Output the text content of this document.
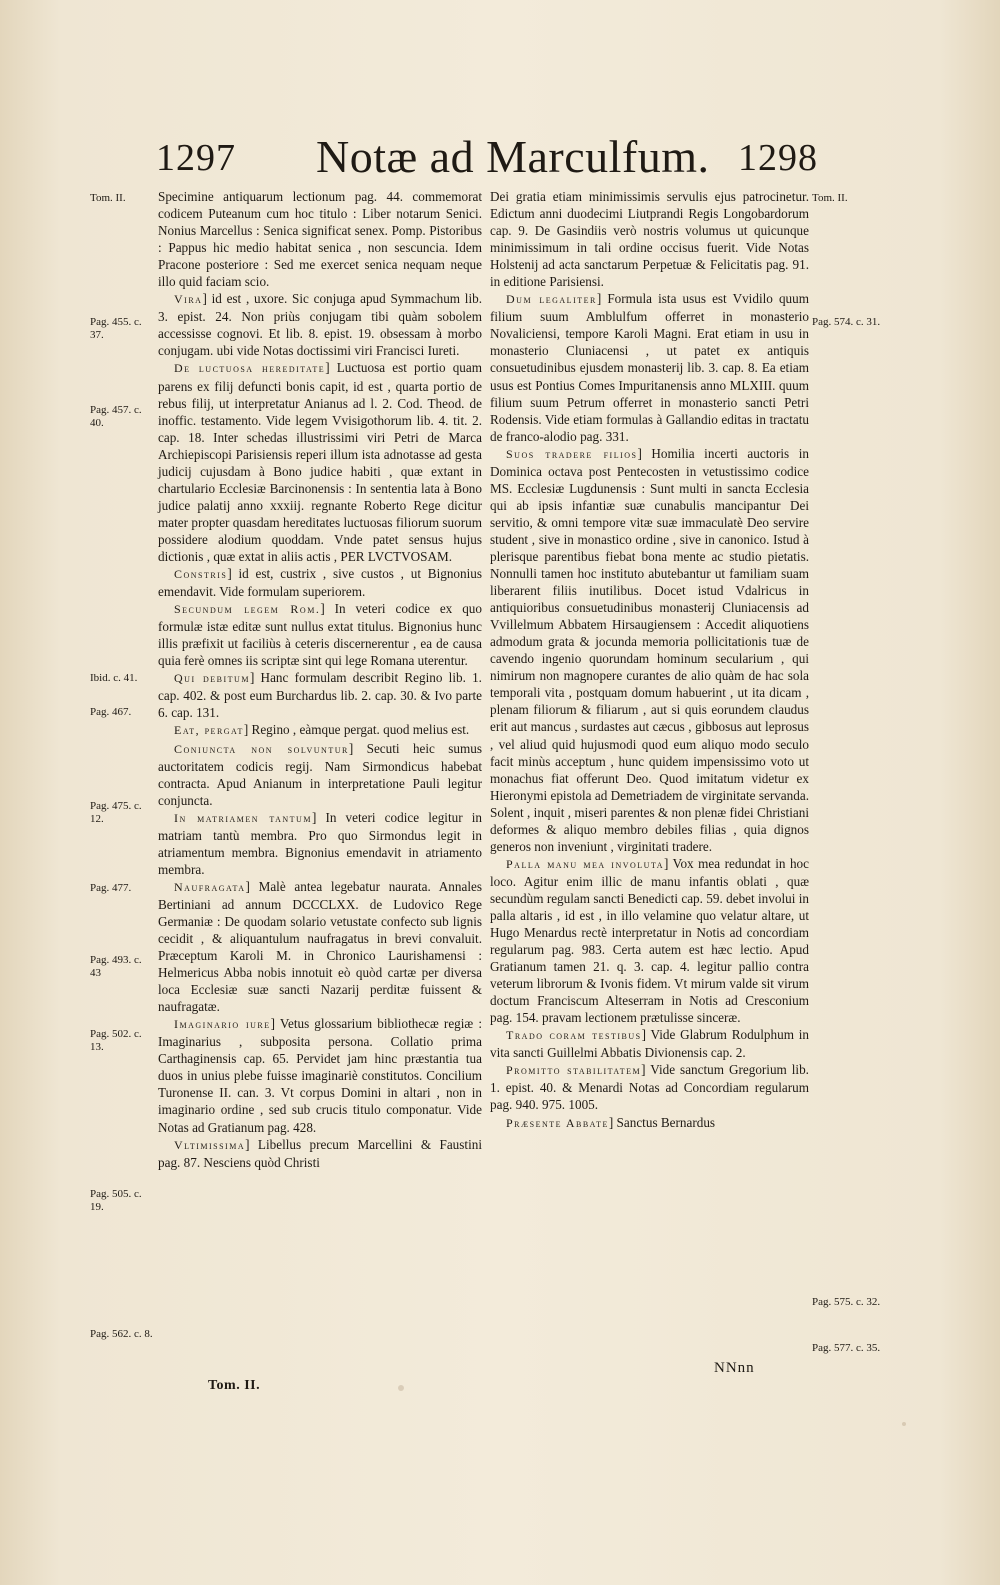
1297 Notæ ad Marculfum. 1298
Tom. II.
Pag. 455. c. 37.
Pag. 457. c. 40.
Ibid. c. 41.
Pag. 467.
Pag. 475. c. 12.
Pag. 477.
Pag. 493. c. 43
Pag. 502. c. 13.
Pag. 505. c. 19.
Pag. 562. c. 8.
Tom. II.
Pag. 574. c. 31.
Pag. 575. c. 32.
Pag. 577. c. 35.

Specimine antiquarum lectionum pag. 44. commemorat codicem Puteanum cum hoc titulo : Liber notarum Senici. Nonius Marcellus : Senica significat senex. Pomp. Pistoribus : Pappus hic medio habitat senica , non sescuncia. Idem Pracone posteriore : Sed me exercet senica nequam neque illo quid faciam scio.

Vira] id est , uxore. Sic conjuga apud Symmachum lib. 3. epist. 24. Non priùs conjugam tibi quàm sobolem accessisse cognovi. Et lib. 8. epist. 19. obsessam à morbo conjugam. ubi vide Notas doctissimi viri Francisci Iureti.

De luctuosa hereditate] Luctuosa est portio quam parens ex filij defuncti bonis capit, id est , quarta portio de rebus filij, ut interpretatur Anianus ad l. 2. Cod. Theod. de inoffic. testamento. Vide legem Vvisigothorum lib. 4. tit. 2. cap. 18. Inter schedas illustrissimi viri Petri de Marca Archiepiscopi Parisiensis reperi illum ista adnotasse ad gesta judicij cujusdam à Bono judice habiti , quæ extant in chartulario Ecclesiæ Barcinonensis : In sententia lata à Bono judice palatij anno xxxiij. regnante Roberto Rege dicitur mater propter quasdam hereditates luctuosas filiorum suorum possidere alodium quoddam. Vnde patet sensus hujus dictionis , quæ extat in aliis actis , PER LVCTVOSAM.

Constris] id est, custrix , sive custos , ut Bignonius emendavit. Vide formulam superiorem.

Secundum legem Rom.] In veteri codice ex quo formulæ istæ editæ sunt nullus extat titulus. Bignonius hunc illis præfixit ut faciliùs à ceteris discernerentur , ea de causa quia ferè omnes iis scriptæ sint qui lege Romana uterentur.

Qui debitum] Hanc formulam describit Regino lib. 1. cap. 402. & post eum Burchardus lib. 2. cap. 30. & Ivo parte 6. cap. 131.

Eat, pergat] Regino , eàmque pergat. quod melius est.

Coniuncta non solvuntur] Secuti heic sumus auctoritatem codicis regij. Nam Sirmondicus habebat contracta. Apud Anianum in interpretatione Pauli legitur conjuncta.

In matriamen tantum] In veteri codice legitur in matriam tantù membra. Pro quo Sirmondus legit in atriamentum membra. Bignonius emendavit in atriamento membra.

Naufragata] Malè antea legebatur naurata. Annales Bertiniani ad annum DCCCLXX. de Ludovico Rege Germaniæ : De quodam solario vetustate confecto sub lignis cecidit , & aliquantulum naufragatus in brevi convaluit. Præceptum Karoli M. in Chronico Laurishamensi : Helmericus Abba nobis innotuit eò quòd cartæ per diversa loca Ecclesiæ suæ sancti Nazarij perditæ fuissent & naufragatæ.

Imaginario iure] Vetus glossarium bibliothecæ regiæ : Imaginarius , subposita persona. Collatio prima Carthaginensis cap. 65. Pervidet jam hinc præstantia tua duos in unius plebe fuisse imaginariè constitutos. Concilium Turonense II. can. 3. Vt corpus Domini in altari , non in imaginario ordine , sed sub crucis titulo componatur. Vide Notas ad Gratianum pag. 428.

Vltimissima] Libellus precum Marcellini & Faustini pag. 87. Nesciens quòd Christi

Dei gratia etiam minimissimis servulis ejus patrocinetur. Edictum anni duodecimi Liutprandi Regis Longobardorum cap. 9. De Gasindiis verò nostris volumus ut quicunque minimissimum in tali ordine occisus fuerit. Vide Notas Holstenij ad acta sanctarum Perpetuæ & Felicitatis pag. 91. in editione Parisiensi.

Dum legaliter] Formula ista usus est Vvidilo quum filium suum Amblulfum offerret in monasterio Novaliciensi, tempore Karoli Magni. Erat etiam in usu in monasterio Cluniacensi , ut patet ex antiquis consuetudinibus ejusdem monasterij lib. 3. cap. 8. Ea etiam usus est Pontius Comes Impuritanensis anno MLXIII. quum filium suum Petrum offerret in monasterio sancti Petri Rodensis. Vide etiam formulas à Gallandio editas in tractatu de franco-alodio pag. 331.

Suos tradere filios] Homilia incerti auctoris in Dominica octava post Pentecosten in vetustissimo codice MS. Ecclesiæ Lugdunensis : Sunt multi in sancta Ecclesia qui ab ipsis infantiæ suæ cunabulis mancipantur Dei servitio, & omni tempore vitæ suæ immaculatè Deo servire student , sive in monastico ordine , sive in canonico. Istud à plerisque parentibus fiebat bona mente ac studio pietatis. Nonnulli tamen hoc instituto abutebantur ut familiam suam liberarent filiis inutilibus. Docet istud Vdalricus in antiquioribus consuetudinibus monasterij Cluniacensis ad Vvillelmum Abbatem Hirsaugiensem : Accedit aliquotiens admodum grata & jocunda memoria pollicitationis tuæ de cavendo ingenio quorundam hominum secularium , qui nimirum non magnopere curantes de alio quàm de hac sola temporali vita , postquam domum habuerint , ut ita dicam , plenam filiorum & filiarum , aut si quis eorundem claudus erit aut mancus , surdastes aut cæcus , gibbosus aut leprosus , vel aliud quid hujusmodi quod eum aliquo modo seculo facit minùs acceptum , hunc quidem impensissimo voto ut monachus fiat offerunt Deo. Quod imitatum videtur ex Hieronymi epistola ad Demetriadem de virginitate servanda. Solent , inquit , miseri parentes & non plenæ fidei Christiani deformes & aliquo membro debiles filias , quia dignos generos non inveniunt , virginitati tradere.

Palla manu mea involuta] Vox mea redundat in hoc loco. Agitur enim illic de manu infantis oblati , quæ secundùm regulam sancti Benedicti cap. 59. debet involui in palla altaris , id est , in illo velamine quo velatur altare, ut Hugo Menardus rectè interpretatur in Notis ad concordiam regularum pag. 983. Certa autem est hæc lectio. Apud Gratianum tamen 21. q. 3. cap. 4. legitur pallio contra veterum librorum & Ivonis fidem. Vt mirum valde sit virum doctum Franciscum Alteserram in Notis ad Cresconium pag. 154. pravam lectionem prætulisse sinceræ.

Trado coram testibus] Vide Glabrum Rodulphum in vita sancti Guillelmi Abbatis Divionensis cap. 2.

Promitto stabilitatem] Vide sanctum Gregorium lib. 1. epist. 40. & Menardi Notas ad Concordiam regularum pag. 940. 975. 1005.

Præsente Abbate] Sanctus Bernardus

Tom. II.
NNnn
